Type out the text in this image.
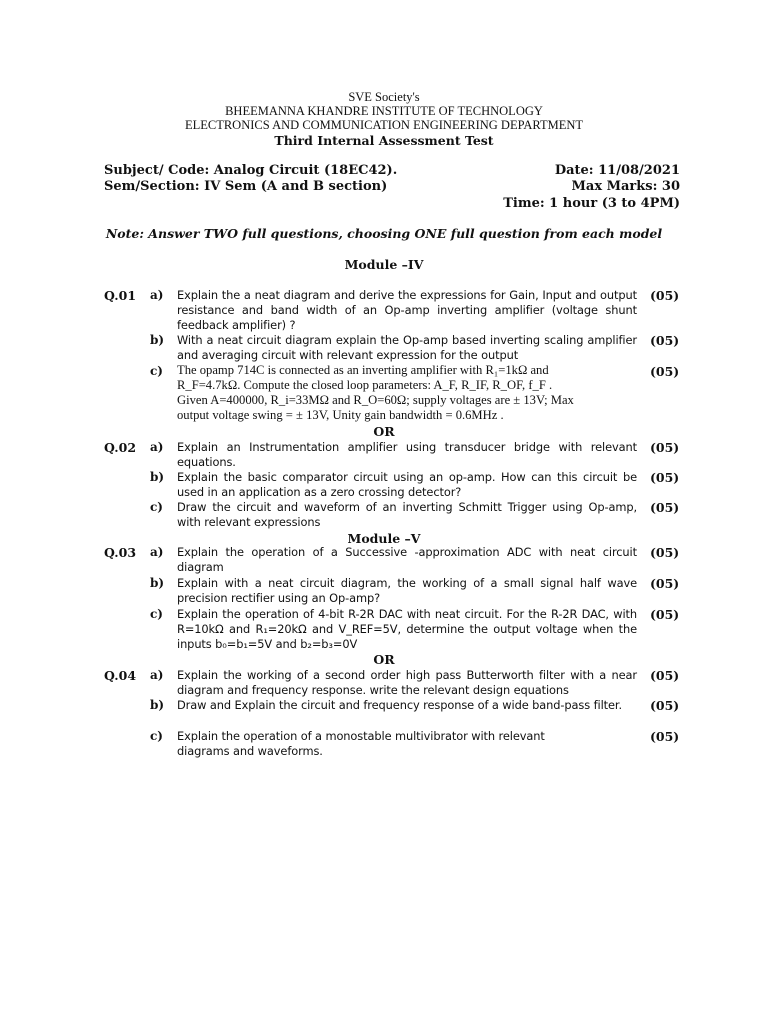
SVE Society's
BHEEMANNA KHANDRE INSTITUTE OF TECHNOLOGY
ELECTRONICS AND COMMUNICATION ENGINEERING DEPARTMENT
Third Internal Assessment Test
Subject/ Code: Analog Circuit (18EC42).
Sem/Section: IV Sem (A and B section)
Date: 11/08/2021
Max Marks: 30
Time: 1 hour (3 to 4PM)
Note: Answer TWO full questions, choosing ONE full question from each model
Module –IV
Q.01 a) Explain the a neat diagram and derive the expressions for Gain, Input and output resistance and band width of an Op-amp inverting amplifier (voltage shunt feedback amplifier) ?
(05)
b) With a neat circuit diagram explain the Op-amp based inverting scaling amplifier and averaging circuit with relevant expression for the output
(05)
c) The opamp 714C is connected as an inverting amplifier with R₁=1kΩ and R_F=4.7kΩ. Compute the closed loop parameters: A_F, R_IF, R_OF, f_F . Given A=400000, R_i=33MΩ and R_O=60Ω; supply voltages are ± 13V; Max output voltage swing = ± 13V, Unity gain bandwidth = 0.6MHz .
(05)
OR
Q.02 a) Explain an Instrumentation amplifier using transducer bridge with relevant equations.
(05)
b) Explain the basic comparator circuit using an op-amp. How can this circuit be used in an application as a zero crossing detector?
(05)
c) Draw the circuit and waveform of an inverting Schmitt Trigger using Op-amp, with relevant expressions
(05)
Module –V
Q.03 a) Explain the operation of a Successive -approximation ADC with neat circuit diagram
(05)
b) Explain with a neat circuit diagram, the working of a small signal half wave precision rectifier using an Op-amp?
(05)
c) Explain the operation of 4-bit R-2R DAC with neat circuit. For the R-2R DAC, with R=10kΩ and R₁=20kΩ and V_REF=5V, determine the output voltage when the inputs b₀=b₁=5V and b₂=b₃=0V
(05)
OR
Q.04 a) Explain the working of a second order high pass Butterworth filter with a near diagram and frequency response. write the relevant design equations
(05)
b) Draw and Explain the circuit and frequency response of a wide band-pass filter.	(05)
c) Explain the operation of a monostable multivibrator with relevant diagrams and waveforms.
(05)
